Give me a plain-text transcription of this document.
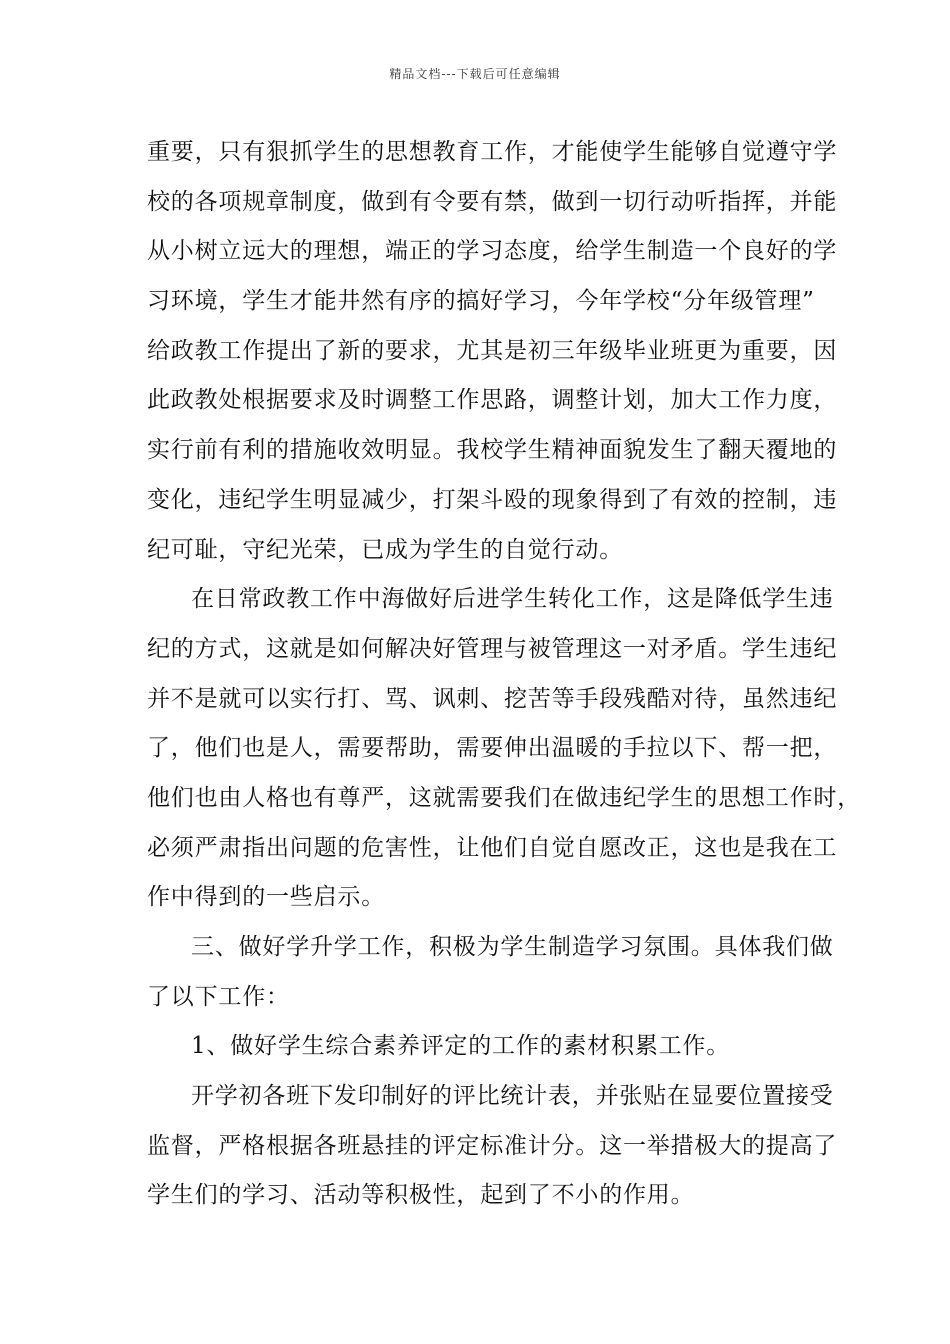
精品文档---下载后可任意编辑
重要，只有狠抓学生的思想教育工作，才能使学生能够自觉遵守学
校的各项规章制度，做到有令要有禁，做到一切行动听指挥，并能
从小树立远大的理想，端正的学习态度，给学生制造一个良好的学
习环境，学生才能井然有序的搞好学习，今年学校“分年级管理”
给政教工作提出了新的要求，尤其是初三年级毕业班更为重要，因
此政教处根据要求及时调整工作思路，调整计划，加大工作力度，
实行前有利的措施收效明显。我校学生精神面貌发生了翻天覆地的
变化，违纪学生明显减少，打架斗殴的现象得到了有效的控制，违
纪可耻，守纪光荣，已成为学生的自觉行动。
在日常政教工作中海做好后进学生转化工作，这是降低学生违
纪的方式，这就是如何解决好管理与被管理这一对矛盾。学生违纪
并不是就可以实行打、骂、讽刺、挖苦等手段残酷对待，虽然违纪
了，他们也是人，需要帮助，需要伸出温暖的手拉以下、帮一把，
他们也由人格也有尊严，这就需要我们在做违纪学生的思想工作时，
必须严肃指出问题的危害性，让他们自觉自愿改正，这也是我在工
作中得到的一些启示。
三、做好学升学工作，积极为学生制造学习氛围。具体我们做
了以下工作：
1、做好学生综合素养评定的工作的素材积累工作。
开学初各班下发印制好的评比统计表，并张贴在显要位置接受
监督，严格根据各班悬挂的评定标准计分。这一举措极大的提高了
学生们的学习、活动等积极性，起到了不小的作用。
